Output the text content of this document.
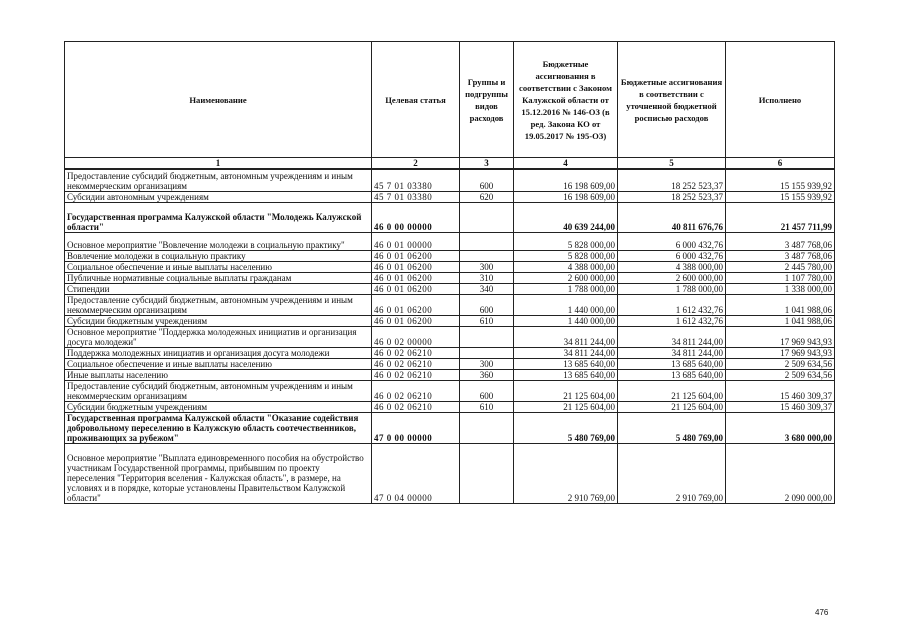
Наименование	Целевая статья	Группы и подгруппы видов расходов	Бюджетные ассигнования в соответствии с Законом Калужской области от 15.12.2016 № 146-ОЗ (в ред. Закона КО от 19.05.2017 № 195-ОЗ)	Бюджетные ассигнования в соответствии с уточненной бюджетной росписью расходов	Исполнено
1	2	3	4	5	6
Предоставление субсидий бюджетным, автономным учреждениям и иным некоммерческим организациям	45 7 01 03380	600	16 198 609,00	18 252 523,37	15 155 939,92
Субсидии автономным учреждениям	45 7 01 03380	620	16 198 609,00	18 252 523,37	15 155 939,92
Государственная программа Калужской области "Молодежь Калужской области"	46 0 00 00000		40 639 244,00	40 811 676,76	21 457 711,99
Основное мероприятие "Вовлечение молодежи в социальную практику"	46 0 01 00000		5 828 000,00	6 000 432,76	3 487 768,06
Вовлечение молодежи в социальную практику	46 0 01 06200		5 828 000,00	6 000 432,76	3 487 768,06
Социальное обеспечение и иные выплаты населению	46 0 01 06200	300	4 388 000,00	4 388 000,00	2 445 780,00
Публичные нормативные социальные выплаты гражданам	46 0 01 06200	310	2 600 000,00	2 600 000,00	1 107 780,00
Стипендии	46 0 01 06200	340	1 788 000,00	1 788 000,00	1 338 000,00
Предоставление субсидий бюджетным, автономным учреждениям и иным некоммерческим организациям	46 0 01 06200	600	1 440 000,00	1 612 432,76	1 041 988,06
Субсидии бюджетным учреждениям	46 0 01 06200	610	1 440 000,00	1 612 432,76	1 041 988,06
Основное мероприятие "Поддержка молодежных инициатив и организация досуга молодежи"	46 0 02 00000		34 811 244,00	34 811 244,00	17 969 943,93
Поддержка молодежных инициатив и организация досуга молодежи	46 0 02 06210		34 811 244,00	34 811 244,00	17 969 943,93
Социальное обеспечение и иные выплаты населению	46 0 02 06210	300	13 685 640,00	13 685 640,00	2 509 634,56
Иные выплаты населению	46 0 02 06210	360	13 685 640,00	13 685 640,00	2 509 634,56
Предоставление субсидий бюджетным, автономным учреждениям и иным некоммерческим организациям	46 0 02 06210	600	21 125 604,00	21 125 604,00	15 460 309,37
Субсидии бюджетным учреждениям	46 0 02 06210	610	21 125 604,00	21 125 604,00	15 460 309,37
Государственная программа Калужской области "Оказание содействия добровольному переселению в Калужскую область соотечественников, проживающих за рубежом"	47 0 00 00000		5 480 769,00	5 480 769,00	3 680 000,00
Основное мероприятие "Выплата единовременного пособия на обустройство участникам Государственной программы, прибывшим по проекту переселения "Территория вселения - Калужская область", в размере, на условиях и в порядке, которые установлены Правительством Калужской области"	47 0 04 00000		2 910 769,00	2 910 769,00	2 090 000,00
476
